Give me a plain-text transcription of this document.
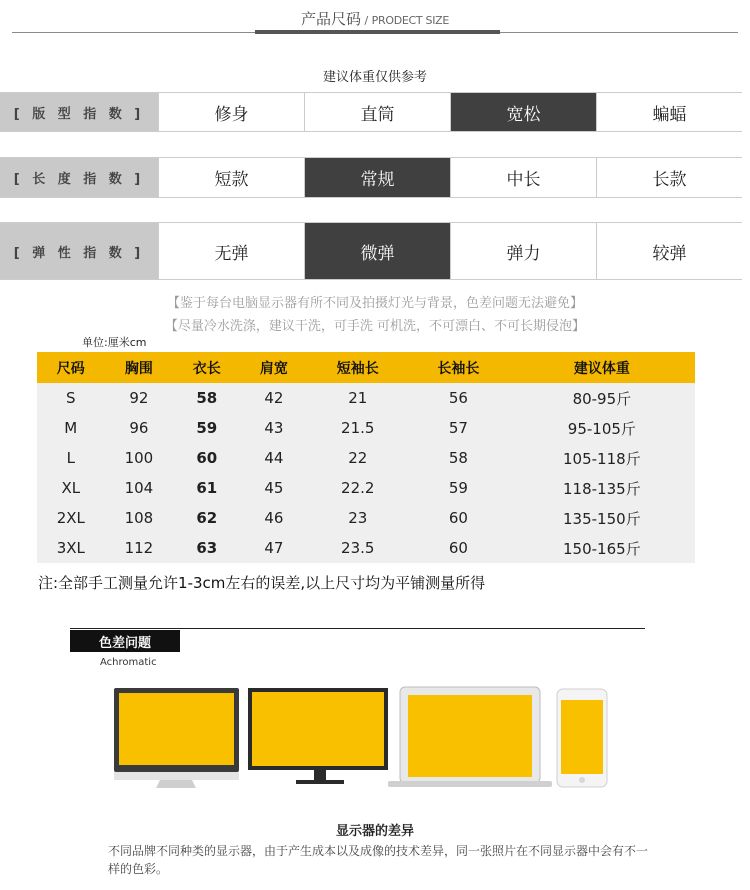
产品尺码 / PRODECT SIZE
建议体重仅供参考
[ 版 型 指 数 ]	修身	直筒	宽松	蝙蝠
[ 长 度 指 数 ]	短款	常规	中长	长款
[ 弹 性 指 数 ]	无弹	微弹	弹力	较弹
【鉴于每台电脑显示器有所不同及拍摄灯光与背景，色差问题无法避免】
【尽量冷水洗涤，建议干洗，可手洗 可机洗，不可漂白、不可长期侵泡】
单位:厘米cm
尺码	胸围	衣长	肩宽	短袖长	长袖长	建议体重
S	92	58	42	21	56	80-95斤
M	96	59	43	21.5	57	95-105斤
L	100	60	44	22	58	105-118斤
XL	104	61	45	22.2	59	118-135斤
2XL	108	62	46	23	60	135-150斤
3XL	112	63	47	23.5	60	150-165斤
注:全部手工测量允许1-3cm左右的误差,以上尺寸均为平铺测量所得
色差问题
Achromatic
显示器的差异
不同品牌不同种类的显示器，由于产生成本以及成像的技术差异，同一张照片在不同显示器中会有不一样的色彩。
